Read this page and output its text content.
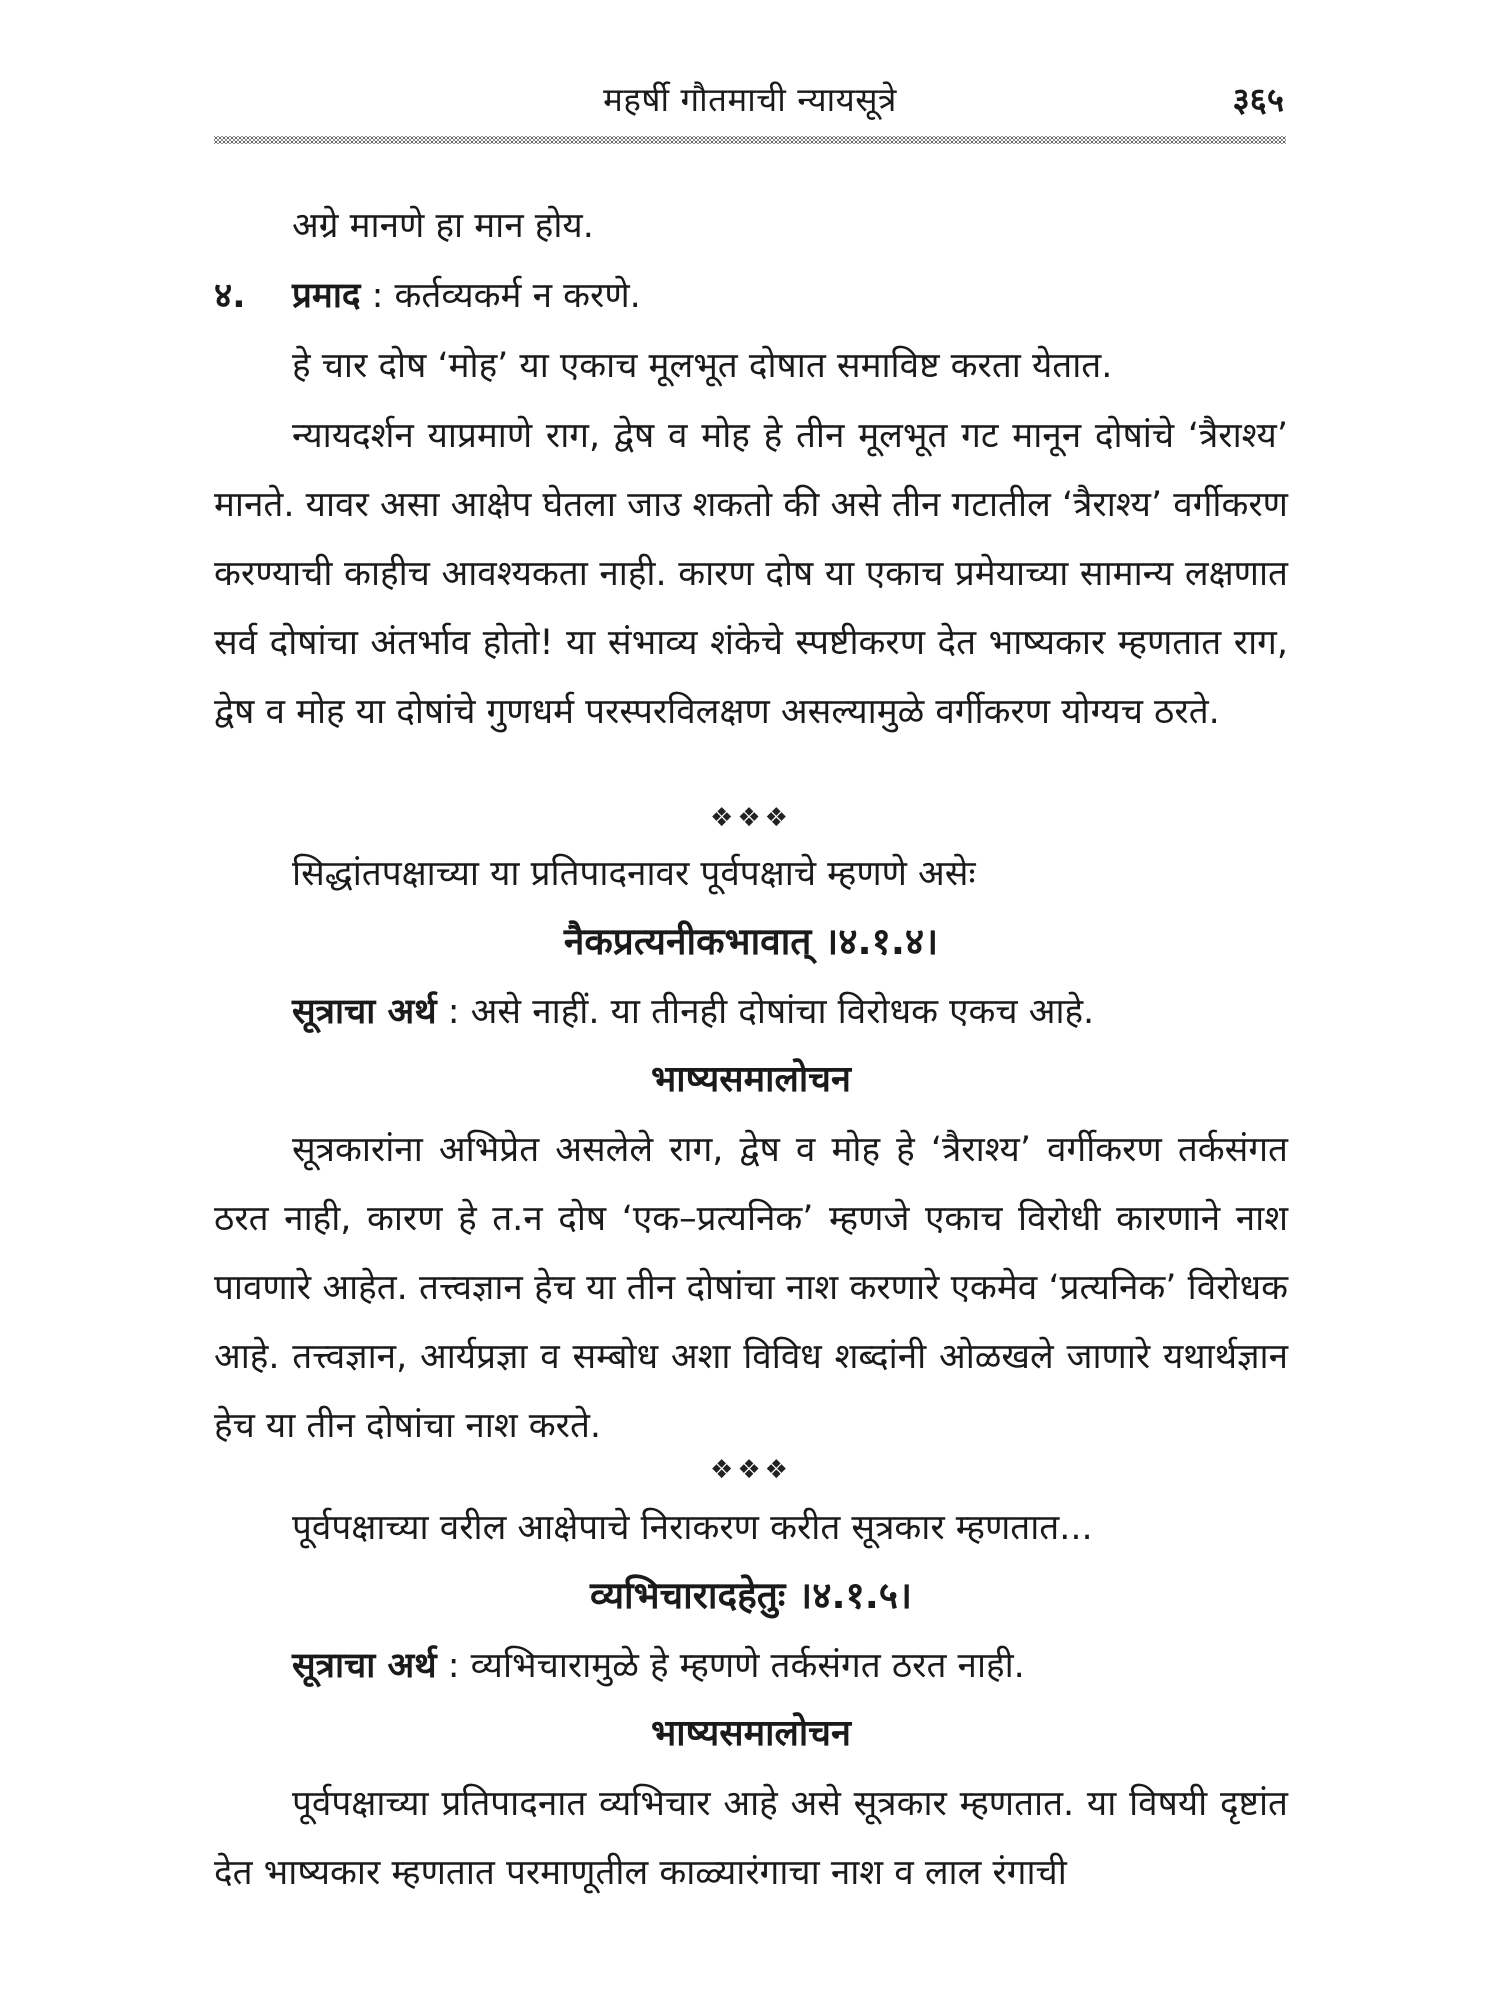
महर्षी गौतमाची न्यायसूत्रे	३६५

अग्रे मानणे हा मान होय.

४. प्रमाद : कर्तव्यकर्म न करणे.

हे चार दोष ‘मोह’ या एकाच मूलभूत दोषात समाविष्ट करता येतात.

न्यायदर्शन याप्रमाणे राग, द्वेष व मोह हे तीन मूलभूत गट मानून दोषांचे ‘त्रैराश्य’ मानते. यावर असा आक्षेप घेतला जाउ शकतो की असे तीन गटातील ‘त्रैराश्य’ वर्गीकरण करण्याची काहीच आवश्यकता नाही. कारण दोष या एकाच प्रमेयाच्या सामान्य लक्षणात सर्व दोषांचा अंतर्भाव होतो! या संभाव्य शंकेचे स्पष्टीकरण देत भाष्यकार म्हणतात राग, द्वेष व मोह या दोषांचे गुणधर्म परस्परविलक्षण असल्यामुळे वर्गीकरण योग्यच ठरते.

❖❖❖

सिद्धांतपक्षाच्या या प्रतिपादनावर पूर्वपक्षाचे म्हणणे असेः

नैकप्रत्यनीकभावात् ।४.१.४।
सूत्राचा अर्थ : असे नाहीं. या तीनही दोषांचा विरोधक एकच आहे.
भाष्यसमालोचन

सूत्रकारांना अभिप्रेत असलेले राग, द्वेष व मोह हे ‘त्रैराश्य’ वर्गीकरण तर्कसंगत ठरत नाही, कारण हे त.न दोष ‘एक–प्रत्यनिक’ म्हणजे एकाच विरोधी कारणाने नाश पावणारे आहेत. तत्त्वज्ञान हेच या तीन दोषांचा नाश करणारे एकमेव ‘प्रत्यनिक’ विरोधक आहे. तत्त्वज्ञान, आर्यप्रज्ञा व सम्बोध अशा विविध शब्दांनी ओळखले जाणारे यथार्थज्ञान हेच या तीन दोषांचा नाश करते.

❖❖❖

पूर्वपक्षाच्या वरील आक्षेपाचे निराकरण करीत सूत्रकार म्हणतात...

व्यभिचारादहेतुः ।४.१.५।
सूत्राचा अर्थ : व्यभिचारामुळे हे म्हणणे तर्कसंगत ठरत नाही.
भाष्यसमालोचन

पूर्वपक्षाच्या प्रतिपादनात व्यभिचार आहे असे सूत्रकार म्हणतात. या विषयी दृष्टांत देत भाष्यकार म्हणतात परमाणूतील काळ्यारंगाचा नाश व लाल रंगाची
